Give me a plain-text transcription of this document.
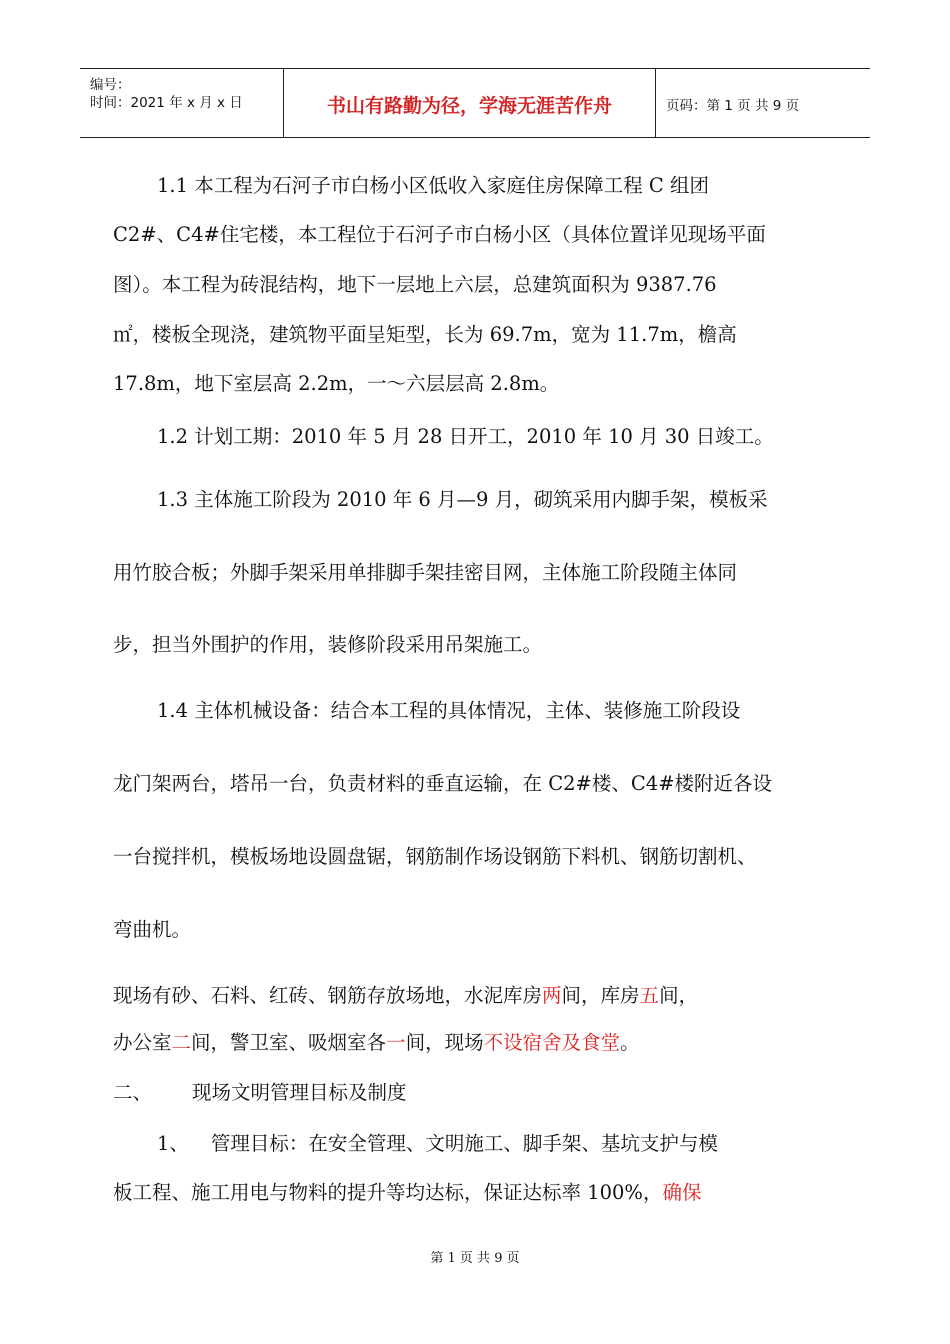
编号：
时间：2021 年 x 月 x 日	书山有路勤为径，学海无涯苦作舟	页码：第 1 页 共 9 页
1.1 本工程为石河子市白杨小区低收入家庭住房保障工程 C 组团
C2#、C4#住宅楼，本工程位于石河子市白杨小区（具体位置详见现场平面
图）。本工程为砖混结构，地下一层地上六层，总建筑面积为 9387.76
㎡，楼板全现浇，建筑物平面呈矩型，长为 69.7m，宽为 11.7m，檐高
17.8m，地下室层高 2.2m，一～六层层高 2.8m。
1.2 计划工期：2010 年 5 月 28 日开工，2010 年 10 月 30 日竣工。
1.3 主体施工阶段为 2010 年 6 月—9 月，砌筑采用内脚手架，模板采
用竹胶合板；外脚手架采用单排脚手架挂密目网，主体施工阶段随主体同
步，担当外围护的作用，装修阶段采用吊架施工。
1.4 主体机械设备：结合本工程的具体情况，主体、装修施工阶段设
龙门架两台，塔吊一台，负责材料的垂直运输，在 C2#楼、C4#楼附近各设
一台搅拌机，模板场地设圆盘锯，钢筋制作场设钢筋下料机、钢筋切割机、
弯曲机。
现场有砂、石料、红砖、钢筋存放场地，水泥库房两间，库房五间，
办公室二间，警卫室、吸烟室各一间，现场不设宿舍及食堂。
二、 现场文明管理目标及制度
1、 管理目标：在安全管理、文明施工、脚手架、基坑支护与模
板工程、施工用电与物料的提升等均达标，保证达标率 100%，确保
第 1 页 共 9 页
